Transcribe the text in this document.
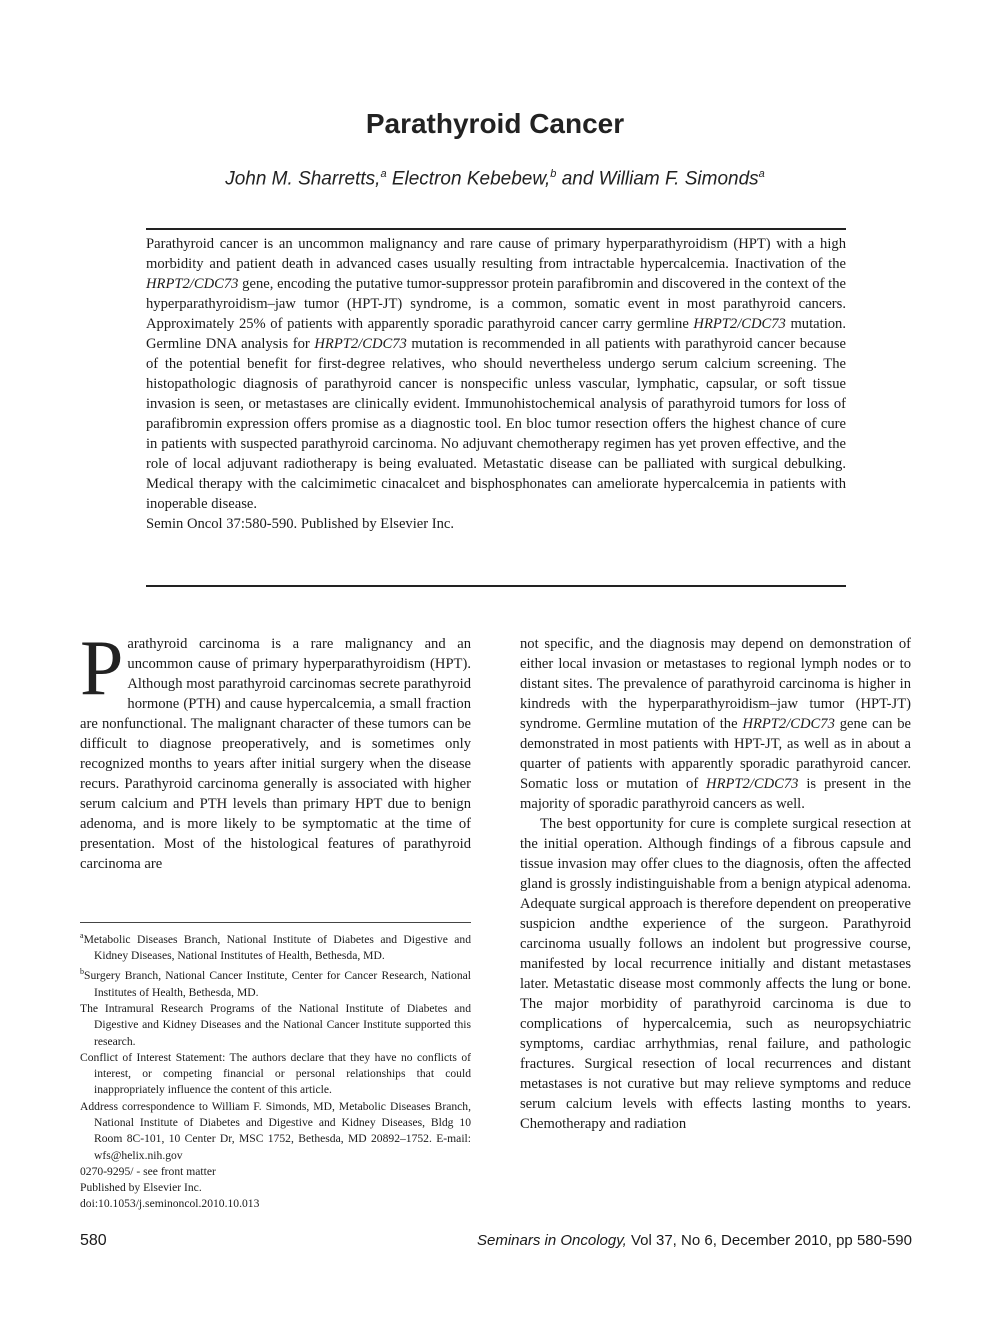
Parathyroid Cancer
John M. Sharretts,$^a$ Electron Kebebew,$^b$ and William F. Simonds$^a$

Parathyroid cancer is an uncommon malignancy and rare cause of primary hyperparathyroidism (HPT) with a high morbidity and patient death in advanced cases usually resulting from intractable hypercalcemia. Inactivation of the HRPT2/CDC73 gene, encoding the putative tumor-suppressor protein parafibromin and discovered in the context of the hyperparathyroidism–jaw tumor (HPT-JT) syndrome, is a common, somatic event in most parathyroid cancers. Approximately 25% of patients with apparently sporadic parathyroid cancer carry germline HRPT2/CDC73 mutation. Germline DNA analysis for HRPT2/CDC73 mutation is recommended in all patients with parathyroid cancer because of the potential benefit for first-degree relatives, who should nevertheless undergo serum calcium screening. The histopathologic diagnosis of parathyroid cancer is nonspecific unless vascular, lymphatic, capsular, or soft tissue invasion is seen, or metastases are clinically evident. Immunohistochemical analysis of parathyroid tumors for loss of parafibromin expression offers promise as a diagnostic tool. En bloc tumor resection offers the highest chance of cure in patients with suspected parathyroid carcinoma. No adjuvant chemotherapy regimen has yet proven effective, and the role of local adjuvant radiotherapy is being evaluated. Metastatic disease can be palliated with surgical debulking. Medical therapy with the calcimimetic cinacalcet and bisphosphonates can ameliorate hypercalcemia in patients with inoperable disease.

Semin Oncol 37:580-590. Published by Elsevier Inc.

Parathyroid carcinoma is a rare malignancy and an uncommon cause of primary hyperparathyroidism (HPT). Although most parathyroid carcinomas secrete parathyroid hormone (PTH) and cause hypercalcemia, a small fraction are nonfunctional. The malignant character of these tumors can be difficult to diagnose preoperatively, and is sometimes only recognized months to years after initial surgery when the disease recurs. Parathyroid carcinoma generally is associated with higher serum calcium and PTH levels than primary HPT due to benign adenoma, and is more likely to be symptomatic at the time of presentation. Most of the histological features of parathyroid carcinoma are

not specific, and the diagnosis may depend on demonstration of either local invasion or metastases to regional lymph nodes or to distant sites. The prevalence of parathyroid carcinoma is higher in kindreds with the hyperparathyroidism–jaw tumor (HPT-JT) syndrome. Germline mutation of the HRPT2/CDC73 gene can be demonstrated in most patients with HPT-JT, as well as in about a quarter of patients with apparently sporadic parathyroid cancer. Somatic loss or mutation of HRPT2/CDC73 is present in the majority of sporadic parathyroid cancers as well.

The best opportunity for cure is complete surgical resection at the initial operation. Although findings of a fibrous capsule and tissue invasion may offer clues to the diagnosis, often the affected gland is grossly indistinguishable from a benign atypical adenoma. Adequate surgical approach is therefore dependent on preoperative suspicion andthe experience of the surgeon. Parathyroid carcinoma usually follows an indolent but progressive course, manifested by local recurrence initially and distant metastases later. Metastatic disease most commonly affects the lung or bone. The major morbidity of parathyroid carcinoma is due to complications of hypercalcemia, such as neuropsychiatric symptoms, cardiac arrhythmias, renal failure, and pathologic fractures. Surgical resection of local recurrences and distant metastases is not curative but may relieve symptoms and reduce serum calcium levels with effects lasting months to years. Chemotherapy and radiation

$^a$Metabolic Diseases Branch, National Institute of Diabetes and Digestive and Kidney Diseases, National Institutes of Health, Bethesda, MD.

$^b$Surgery Branch, National Cancer Institute, Center for Cancer Research, National Institutes of Health, Bethesda, MD.

The Intramural Research Programs of the National Institute of Diabetes and Digestive and Kidney Diseases and the National Cancer Institute supported this research.

Conflict of Interest Statement: The authors declare that they have no conflicts of interest, or competing financial or personal relationships that could inappropriately influence the content of this article.

Address correspondence to William F. Simonds, MD, Metabolic Diseases Branch, National Institute of Diabetes and Digestive and Kidney Diseases, Bldg 10 Room 8C-101, 10 Center Dr, MSC 1752, Bethesda, MD 20892–1752. E-mail: wfs@helix.nih.gov

0270-9295/ - see front matter

Published by Elsevier Inc.

doi:10.1053/j.seminoncol.2010.10.013

580	Seminars in Oncology, Vol 37, No 6, December 2010, pp 580-590
